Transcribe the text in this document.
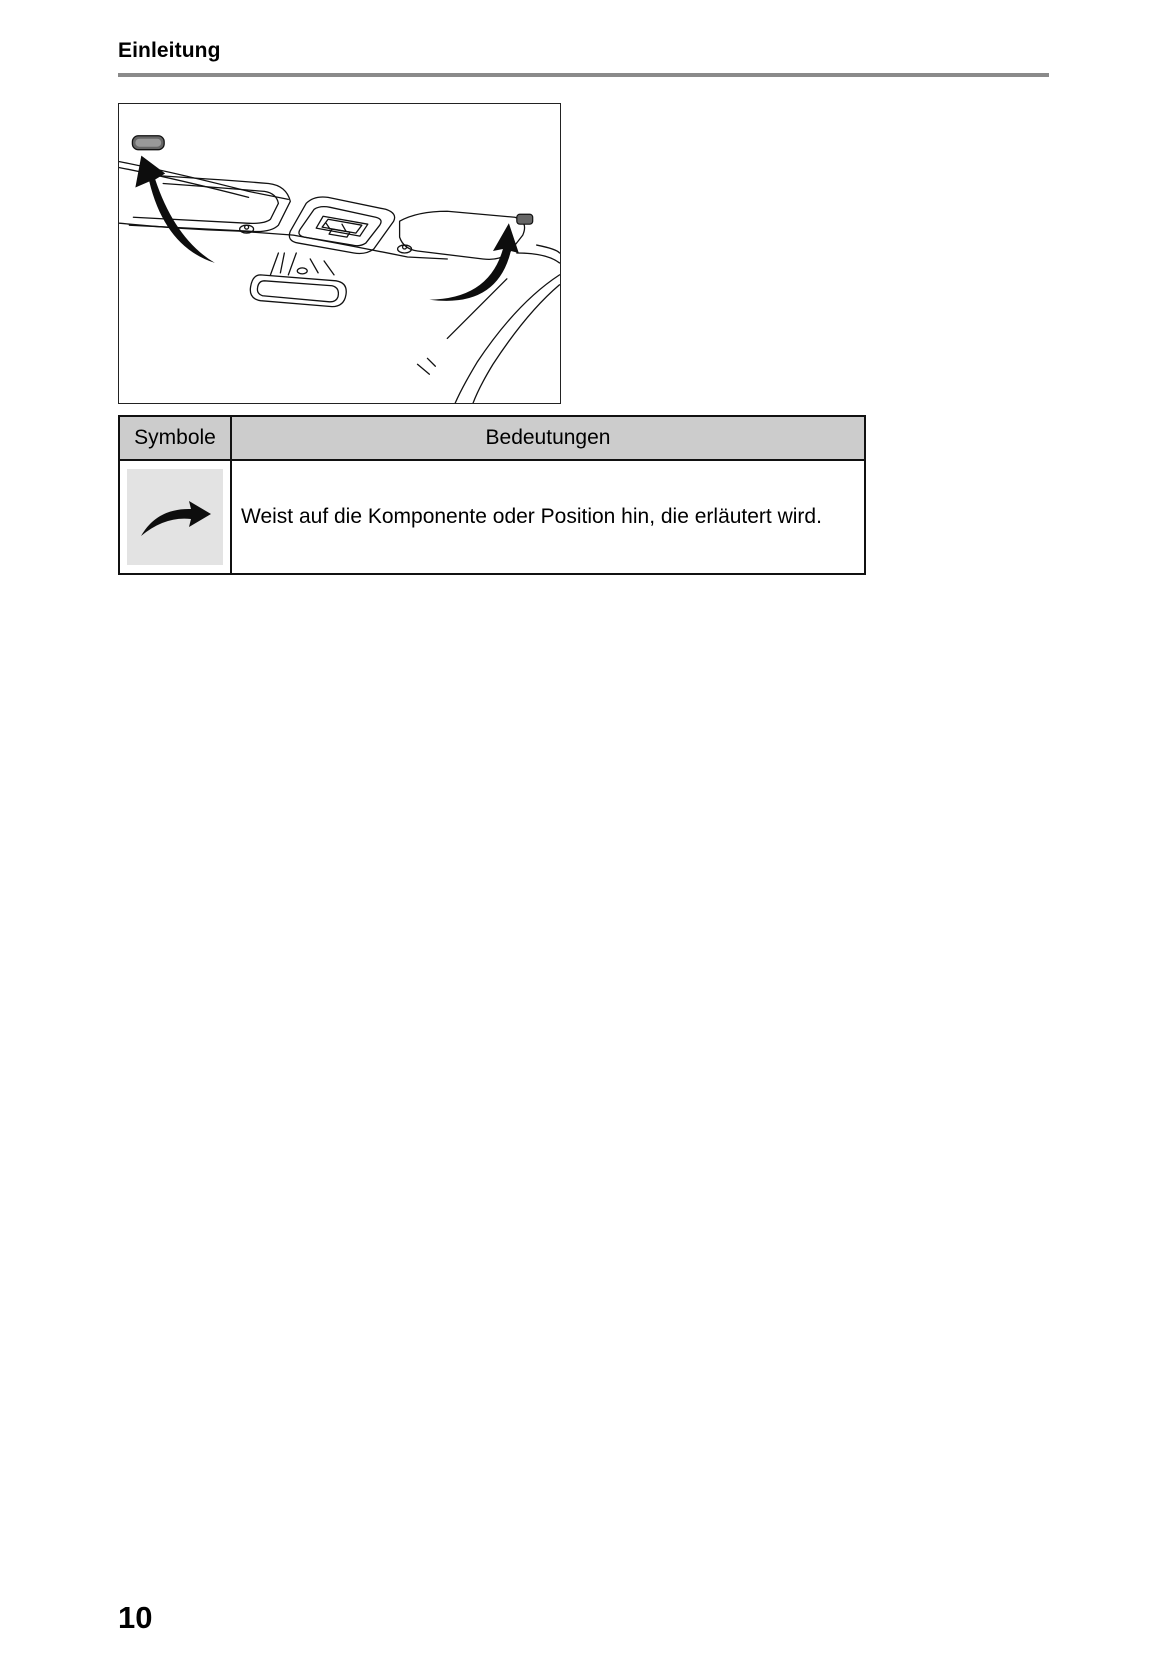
Einleitung
Symbole	Bedeutungen

	Weist auf die Komponente oder Position hin, die erläutert wird.
10
